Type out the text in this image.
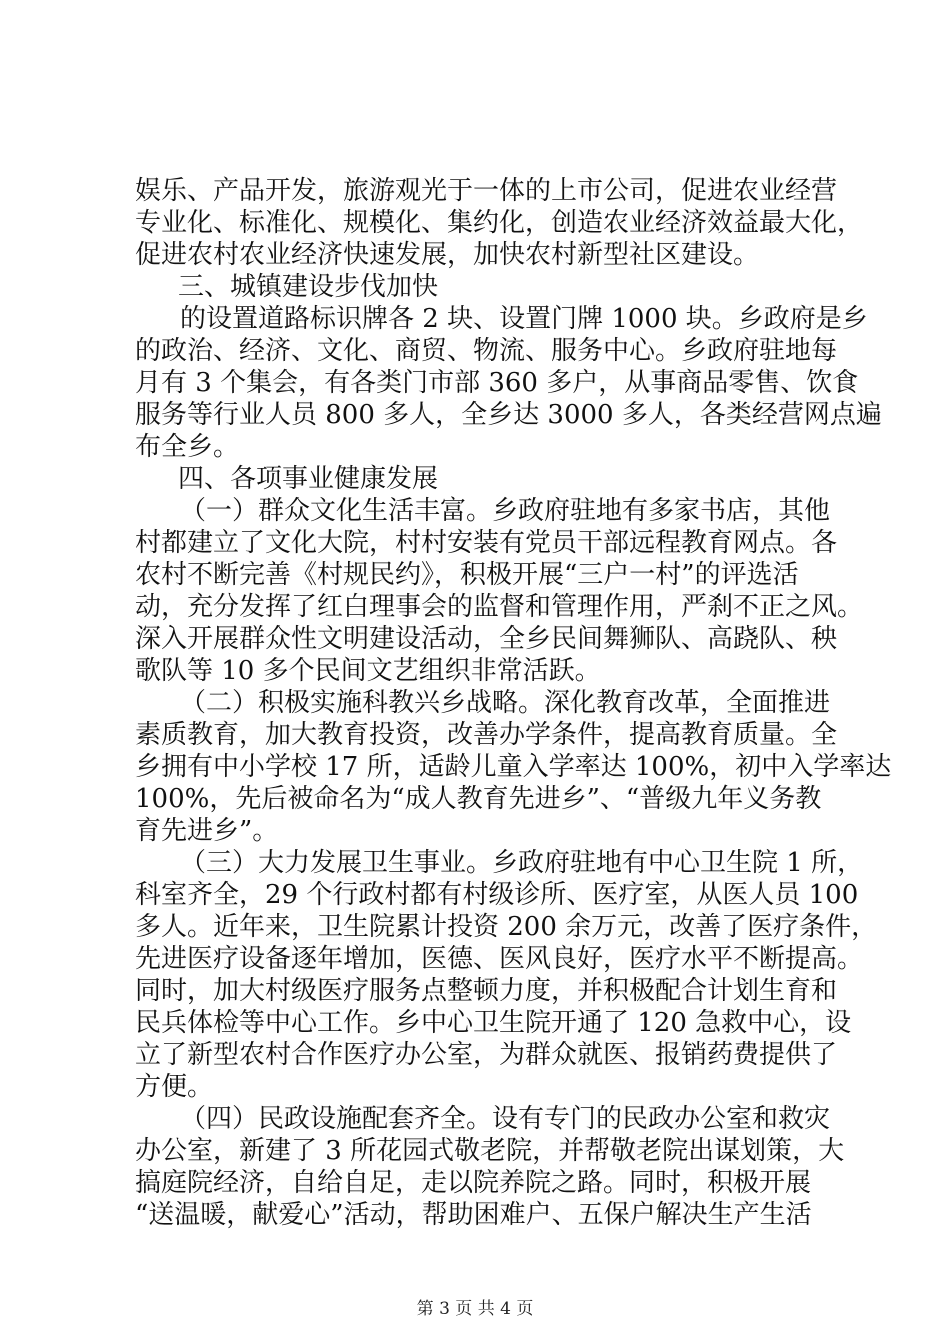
娱乐、产品开发，旅游观光于一体的上市公司，促进农业经营
专业化、标准化、规模化、集约化，创造农业经济效益最大化，
促进农村农业经济快速发展，加快农村新型社区建设。
三、城镇建设步伐加快
的设置道路标识牌各 2 块、设置门牌 1000 块。乡政府是乡
的政治、经济、文化、商贸、物流、服务中心。乡政府驻地每
月有 3 个集会，有各类门市部 360 多户，从事商品零售、饮食
服务等行业人员 800 多人，全乡达 3000 多人，各类经营网点遍
布全乡。
四、各项事业健康发展
（一）群众文化生活丰富。乡政府驻地有多家书店，其他
村都建立了文化大院，村村安装有党员干部远程教育网点。各
农村不断完善《村规民约》，积极开展“三户一村”的评选活
动，充分发挥了红白理事会的监督和管理作用，严刹不正之风。
深入开展群众性文明建设活动，全乡民间舞狮队、高跷队、秧
歌队等 10 多个民间文艺组织非常活跃。
（二）积极实施科教兴乡战略。深化教育改革，全面推进
素质教育，加大教育投资，改善办学条件，提高教育质量。全
乡拥有中小学校 17 所，适龄儿童入学率达 100%，初中入学率达
100%，先后被命名为“成人教育先进乡”、“普级九年义务教
育先进乡”。
（三）大力发展卫生事业。乡政府驻地有中心卫生院 1 所，
科室齐全，29 个行政村都有村级诊所、医疗室，从医人员 100
多人。近年来，卫生院累计投资 200 余万元，改善了医疗条件，
先进医疗设备逐年增加，医德、医风良好，医疗水平不断提高。
同时，加大村级医疗服务点整顿力度，并积极配合计划生育和
民兵体检等中心工作。乡中心卫生院开通了 120 急救中心，设
立了新型农村合作医疗办公室，为群众就医、报销药费提供了
方便。
（四）民政设施配套齐全。设有专门的民政办公室和救灾
办公室，新建了 3 所花园式敬老院，并帮敬老院出谋划策，大
搞庭院经济，自给自足，走以院养院之路。同时，积极开展
“送温暖，献爱心”活动，帮助困难户、五保户解决生产生活
第 3 页 共 4 页
